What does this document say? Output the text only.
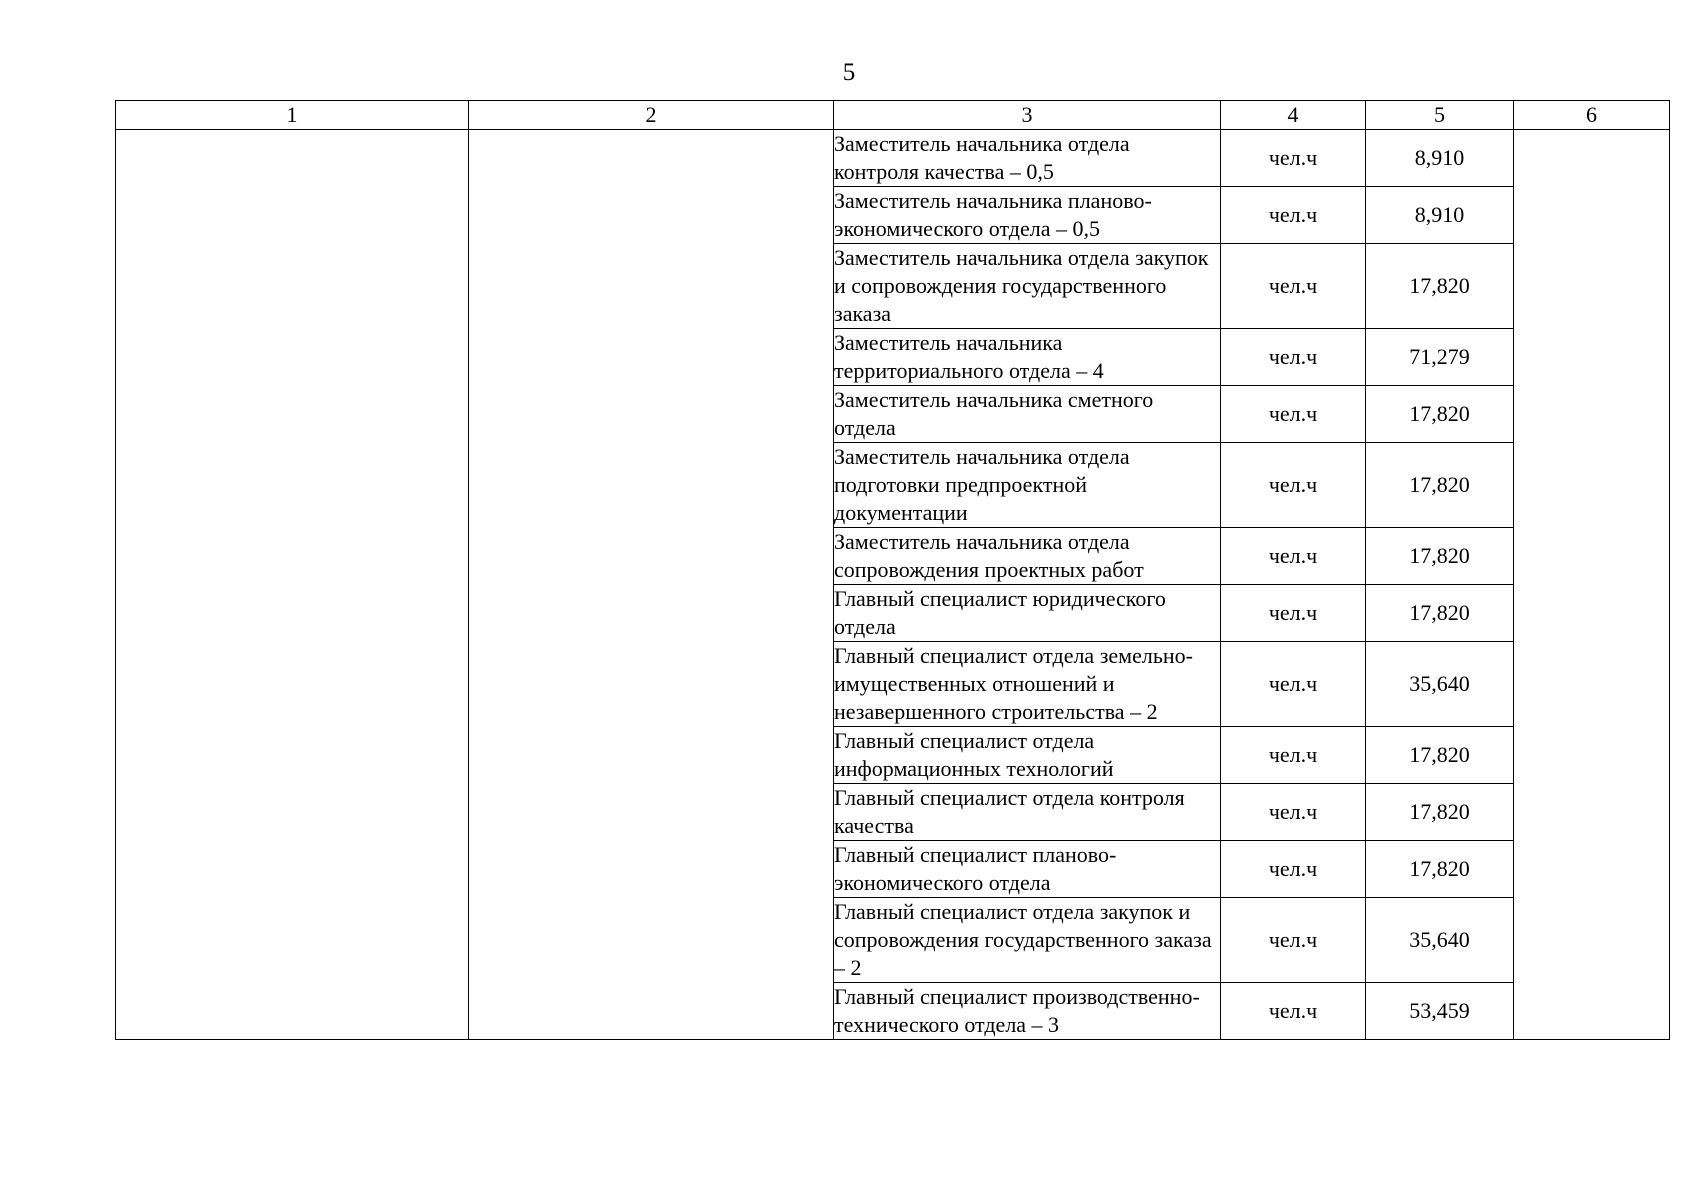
5
1	2	3	4	5	6
		Заместитель начальника отдела контроля качества – 0,5	чел.ч	8,910	
		Заместитель начальника планово-экономического отдела – 0,5	чел.ч	8,910	
		Заместитель начальника отдела закупок и сопровождения государственного заказа	чел.ч	17,820	
		Заместитель начальника территориального отдела – 4	чел.ч	71,279	
		Заместитель начальника сметного отдела	чел.ч	17,820	
		Заместитель начальника отдела подготовки предпроектной документации	чел.ч	17,820	
		Заместитель начальника отдела сопровождения проектных работ	чел.ч	17,820	
		Главный специалист юридического отдела	чел.ч	17,820	
		Главный специалист отдела земельно-имущественных отношений и незавершенного строительства – 2	чел.ч	35,640	
		Главный специалист отдела информационных технологий	чел.ч	17,820	
		Главный специалист отдела контроля качества	чел.ч	17,820	
		Главный специалист планово-экономического отдела	чел.ч	17,820	
		Главный специалист отдела закупок и сопровождения государственного заказа – 2	чел.ч	35,640	
		Главный специалист производственно-технического отдела – 3	чел.ч	53,459	
